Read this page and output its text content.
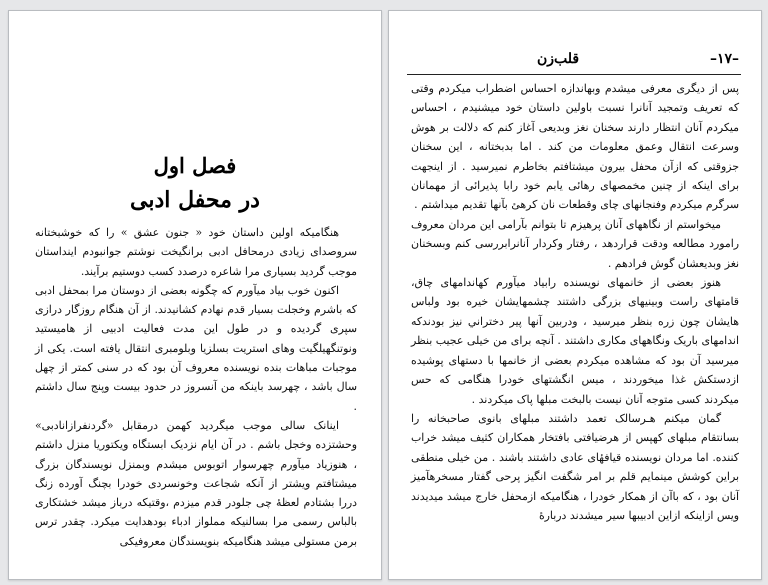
فصل اول
در محفل ادبی

هنگامیکه اولین داستان خود « جنون عشق » را که خوشبختانه سروصدای زیادی درمحافل ادبی برانگیخت نوشتم جوانبودم اینداستان موجب گردید بسیاری مرا شاعره درصدد کسب دوستیم برآیند.

اکنون خوب بیاد میآورم که چگونه بعضی از دوستان مرا بمحفل ادبی که باشرم وخجلت بسیار قدم نهادم کشانیدند. از آن هنگام روزگار درازی سپری گردیده و در طول این مدت فعالیت ادبیی از هامیستید ونوتنگهیلگیت وهای استریت بسلزیا وبلومبری انتقال یافته است. یکی از موجبات مباهات بنده نویسنده معروف آن بود که در سنی کمتر از چهل سال باشد ، چهرسد باینکه من آنسروز در حدود بیست وپنج سال داشتم .

اینانک سالی موجب میگردید کهمن درمقابل «گردنفرازانادبی» وحشتزده وخجل باشم . در آن ایام نزدیک ابستگاه ویکتوریا منزل داشتم ، هنوزیاد میآورم چهرسوار اتوبوس میشدم وبمنزل نویسندگان بزرگ میشتافتم ویشتر از آنکه شجاعت وخونسردی خودرا بچنگ آورده زنگ دررا بشتادم لعظهٔ چی جلودر قدم میزدم ،وقتیکه درباز میشد خشتکاری بالباس رسمی مرا بسالنیکه مملواز ادباء بودهدایت میکرد. چقدر ترس برمن مستولی میشد هنگامیکه بنویسندگان معروفیکی

قلب‌زن	–۱۷–

پس از دیگری معرفی میشدم وبهاندازه احساس اضطراب میکردم وقتی که تعریف وتمجید آنانرا نسبت باولین داستان خود میشنیدم ، احساس میکردم آنان انتظار دارند سخنان نغز وبدیعی آغاز کنم که دلالت بر هوش وسرعت انتقال وعمق معلومات من کند . اما بدبختانه ، این سخنان جزوقتی که ازآن محفل بیرون میشتافتم بخاطرم نمیرسید . از اینجهت برای اینکه از چنین مخمصهای رهائی یابم خود رابا پذیرائی از مهمانان سرگرم میکردم وفنجانهای چای وقطعات نان کرهئ بآنها تقدیم میداشتم .

میخواستم از نگاههای آنان پرهیزم تا بتوانم بآرامی این مردان معروف رامورد مطالعه ودقت قراردهد ، رفتار وکردار آنانرابررسی کنم وبسخنان نغز وبدیعشان گوش فرادهم .

هنوز بعضی از خانمهای نویسنده رابیاد میآورم کهاندامهای چاق، قامتهای راست وبینیهای بزرگی داشتند چشمهایشان خیره بود ولباس هایشان چون زره بنظر میرسید ، ودربین آنها پیر دختراني نیز بودندکه اندامهای باریک ونگاههای مکاری داشتند . آنچه برای من خیلی عجیب بنظر میرسید آن بود که مشاهده میکردم بعضی از خانمها با دستهای پوشیده ازدستکش غذا میخوردند ، میس انگشتهای خودرا هنگامی که حس میکردند کسی متوجه آنان نیست بالبخت مبلها پاک میکردند .

گمان میکنم هـرسالک تعمد داشتند مبلهای بانوی صاحبخانه را بسانتقام مبلهای کهپس از هرضیافتی بافتخار همکاران کثیف میشد خراب کننده. اما مردان نویسنده قیافهٔای عادی داشتند باشند . من خیلی منطقی براین کوشش مینمایم قلم بر امر شگفت انگیز پرحی گفتار مسخرهآمیز آنان بود ، که باآن از همکار خودرا ، هنگامیکه ازمحفل خارج میشد میدیدند ویس ازاینکه ازاین ادبیبها سیر میشدند دربارهٔ
